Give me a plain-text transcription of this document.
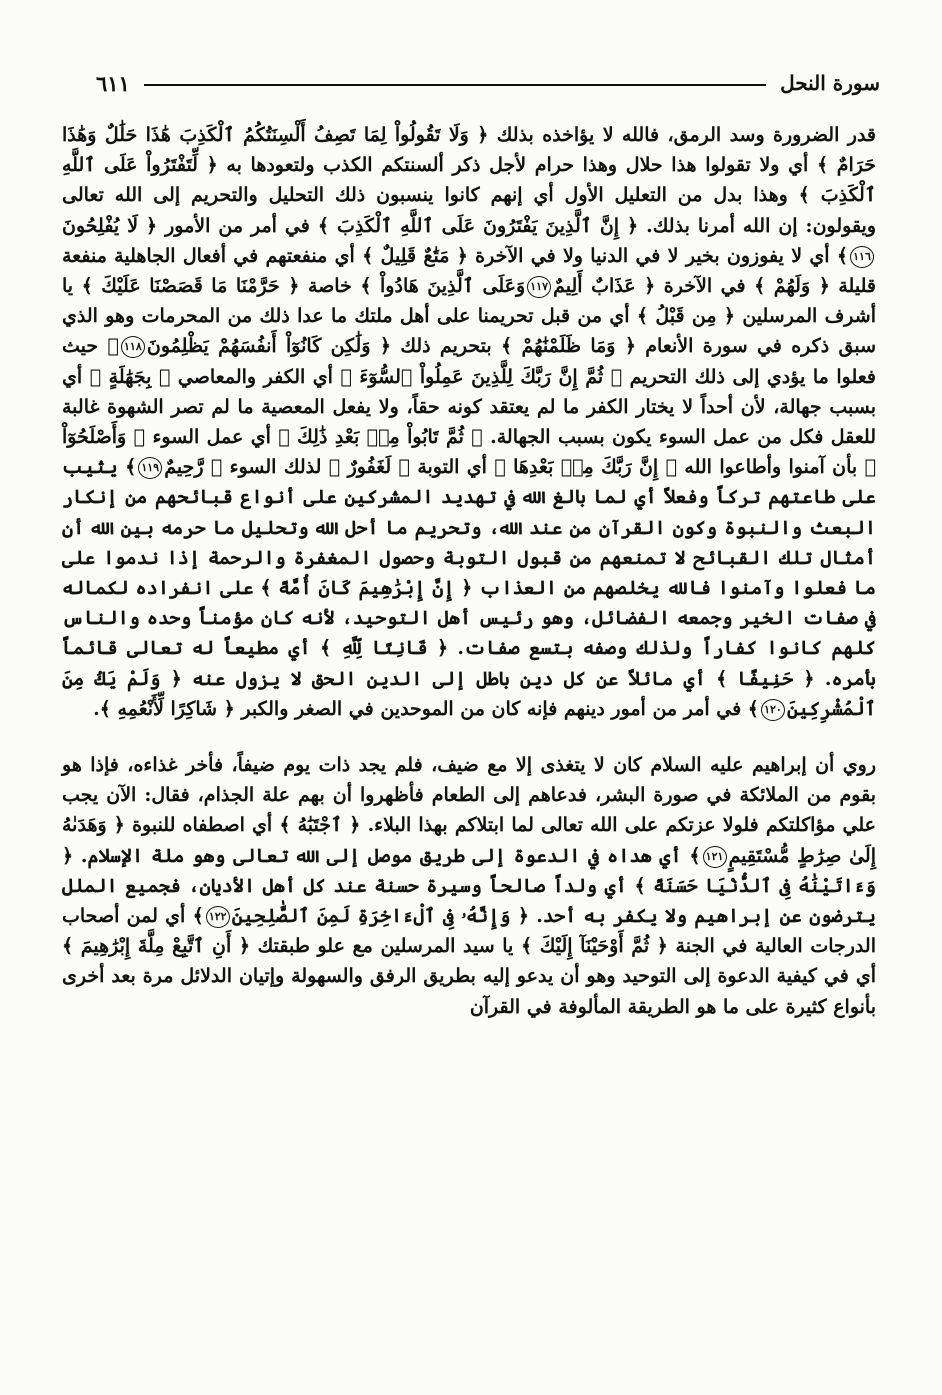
سورة النحل
٦١١

قدر الضرورة وسد الرمق، فالله لا يؤاخذه بذلك ﴿ وَلَا تَقُولُواْ لِمَا تَصِفُ أَلْسِنَتُكُمُ ٱلْكَذِبَ هَٰذَا حَلَٰلٌ وَهَٰذَا حَرَامٌ ﴾ أي ولا تقولوا هذا حلال وهذا حرام لأجل ذكر ألسنتكم الكذب ولتعودها به ﴿ لِّتَفْتَرُواْ عَلَى ٱللَّهِ ٱلْكَذِبَ ﴾ وهذا بدل من التعليل الأول أي إنهم كانوا ينسبون ذلك التحليل والتحريم إلى الله تعالى ويقولون: إن الله أمرنا بذلك. ﴿ إِنَّ ٱلَّذِينَ يَفْتَرُونَ عَلَى ٱللَّهِ ٱلْكَذِبَ ﴾ في أمر من الأمور ﴿ لَا يُفْلِحُونَ١١٦﴾ أي لا يفوزون بخير لا في الدنيا ولا في الآخرة ﴿ مَتَٰعٌ قَلِيلٌ ﴾ أي منفعتهم في أفعال الجاهلية منفعة قليلة ﴿ وَلَهُمْ ﴾ في الآخرة ﴿ عَذَابٌ أَلِيمٌ١١٧وَعَلَى ٱلَّذِينَ هَادُواْ ﴾ خاصة ﴿ حَرَّمْنَا مَا قَصَصْنَا عَلَيْكَ ﴾ يا أشرف المرسلين ﴿ مِن قَبْلُ ﴾ أي من قبل تحريمنا على أهل ملتك ما عدا ذلك من المحرمات وهو الذي سبق ذكره في سورة الأنعام ﴿ وَمَا ظَلَمْنَٰهُمْ ﴾ بتحريم ذلك ﴿ وَلَٰكِن كَانُوٓاْ أَنفُسَهُمْ يَظْلِمُونَ١١٨﴾ حيث فعلوا ما يؤدي إلى ذلك التحريم ﴿ ثُمَّ إِنَّ رَبَّكَ لِلَّذِينَ عَمِلُواْ ٱلسُّوٓءَ ﴾ أي الكفر والمعاصي ﴿ بِجَهَٰلَةٍ ﴾ أي بسبب جهالة، لأن أحداً لا يختار الكفر ما لم يعتقد كونه حقاً، ولا يفعل المعصية ما لم تصر الشهوة غالبة للعقل فكل من عمل السوء يكون بسبب الجهالة. ﴿ ثُمَّ تَابُواْ مِنۢ بَعْدِ ذَٰلِكَ ﴾ أي عمل السوء ﴿ وَأَصْلَحُوٓاْ ﴾ بأن آمنوا وأطاعوا الله ﴿ إِنَّ رَبَّكَ مِنۢ بَعْدِهَا ﴾ أي التوبة ﴿ لَغَفُورٌ ﴾ لذلك السوء ﴿ رَّحِيمٌ١١٩﴾ يثيب على طاعتهم تركاً وفعلاً أي لما بالغ الله في تهديد المشركين على أنواع قبائحهم من إنكار البعث والنبوة وكون القرآن من عند الله، وتحريم ما أحل الله وتحليل ما حرمه بين الله أن أمثال تلك القبائح لا تمنعهم من قبول التوبة وحصول المغفرة والرحمة إذا ندموا على ما فعلوا وآمنوا فالله يخلصهم من العذاب ﴿ إِنَّ إِبْرَٰهِيمَ كَانَ أُمَّةً ﴾ على انفراده لكماله في صفات الخير وجمعه الفضائل، وهو رئيس أهل التوحيد، لأنه كان مؤمناً وحده والناس كلهم كانوا كفاراً ولذلك وصفه بتسع صفات. ﴿ قَانِتًا لِّلَّهِ ﴾ أي مطيعاً له تعالى قائماً بأمره. ﴿ حَنِيفًا ﴾ أي مائلاً عن كل دين باطل إلى الدين الحق لا يزول عنه ﴿ وَلَمْ يَكُ مِنَ ٱلْمُشْرِكِينَ١٢٠﴾ في أمر من أمور دينهم فإنه كان من الموحدين في الصغر والكبر ﴿ شَاكِرًا لِّأَنْعُمِهِ ﴾.

روي أن إبراهيم عليه السلام كان لا يتغذى إلا مع ضيف، فلم يجد ذات يوم ضيفاً، فأخر غذاءه، فإذا هو بقوم من الملائكة في صورة البشر، فدعاهم إلى الطعام فأظهروا أن بهم علة الجذام، فقال: الآن يجب علي مؤاكلتكم فلولا عزتكم على الله تعالى لما ابتلاكم بهذا البلاء. ﴿ ٱجْتَبَٰهُ ﴾ أي اصطفاه للنبوة ﴿ وَهَدَىٰهُ إِلَىٰ صِرَٰطٍ مُّسْتَقِيمٍ١٢١﴾ أي هداه في الدعوة إلى طريق موصل إلى الله تعالى وهو ملة الإسلام. ﴿ وَءَاتَيْنَٰهُ فِى ٱلدُّنْيَا حَسَنَةً ﴾ أي ولداً صالحاً وسيرة حسنة عند كل أهل الأديان، فجميع الملل يترضون عن إبراهيم ولا يكفر به أحد. ﴿ وَإِنَّهُۥ فِى ٱلْءَاخِرَةِ لَمِنَ ٱلصَّٰلِحِينَ١٢٢﴾ أي لمن أصحاب الدرجات العالية في الجنة ﴿ ثُمَّ أَوْحَيْنَآ إِلَيْكَ ﴾ يا سيد المرسلين مع علو طبقتك ﴿ أَنِ ٱتَّبِعْ مِلَّةَ إِبْرَٰهِيمَ ﴾ أي في كيفية الدعوة إلى التوحيد وهو أن يدعو إليه بطريق الرفق والسهولة وإتيان الدلائل مرة بعد أخرى بأنواع كثيرة على ما هو الطريقة المألوفة في القرآن
